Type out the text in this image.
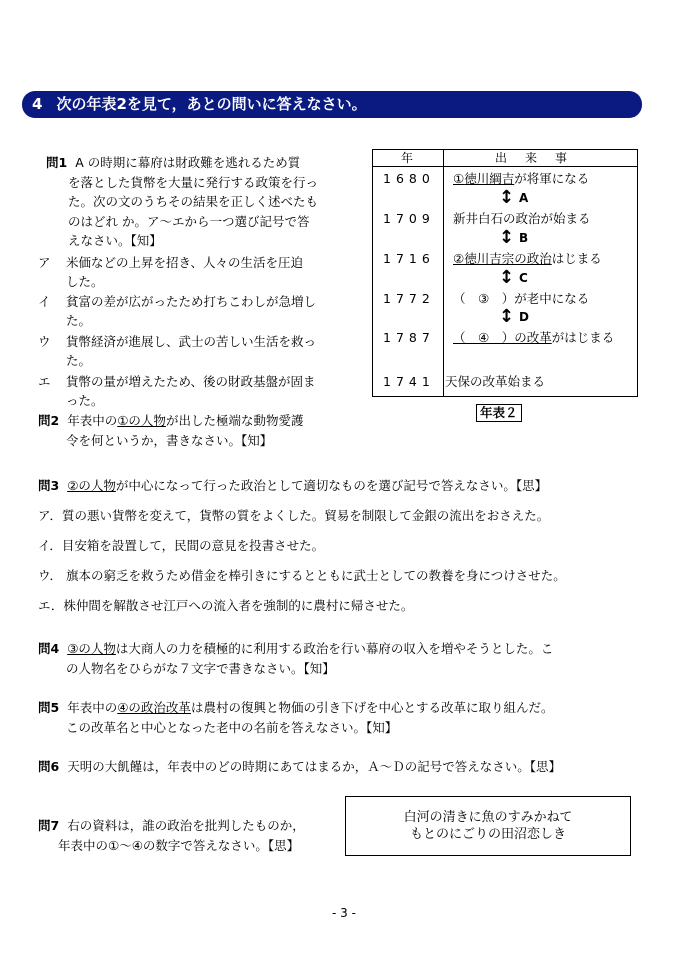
4 次の年表2を見て，あとの問いに答えなさい。
問1 A の時期に幕府は財政難を逃れるため質
を落とした貨幣を大量に発行する政策を行っ
た。次の文のうちその結果を正しく述べたも
のはどれ か。ア～エから一つ選び記号で答
えなさい。【知】
ア 米価などの上昇を招き、人々の生活を圧迫
した。
イ 貧富の差が広がったため打ちこわしが急増し
た。
ウ 貨幣経済が進展し、武士の苦しい生活を救っ
た。
エ 貨幣の量が増えたため、後の財政基盤が固ま
った。
問2 年表中の①の人物が出した極端な動物愛護
令を何というか，書きなさい。【知】
年	出来事
1680	①徳川綱吉が将軍になる
↕ A
1709	新井白石の政治が始まる
↕ B
1716	②徳川吉宗の政治はじまる
↕ C
1772	（　③　）が老中になる
↕ D
1787	（　④　）の改革がはじまる
1741 天保の改革始まる
年表２
問3 ②の人物が中心になって行った政治として適切なものを選び記号で答えなさい。【思】
ア．質の悪い貨幣を変えて，貨幣の質をよくした。貿易を制限して金銀の流出をおさえた。
イ．目安箱を設置して，民間の意見を投書させた。
ウ． 旗本の窮乏を救うため借金を棒引きにするとともに武士としての教養を身につけさせた。
エ．株仲間を解散させ江戸への流入者を強制的に農村に帰させた。
問4 ③の人物は大商人の力を積極的に利用する政治を行い幕府の収入を増やそうとした。こ
の人物名をひらがな７文字で書きなさい。【知】
問5 年表中の④の政治改革は農村の復興と物価の引き下げを中心とする改革に取り組んだ。
この改革名と中心となった老中の名前を答えなさい。【知】
問6 天明の大飢饉は，年表中のどの時期にあてはまるか，Ａ～Ｄの記号で答えなさい。【思】
問7 右の資料は，誰の政治を批判したものか，
年表中の①～④の数字で答えなさい。【思】
白河の清きに魚のすみかねて
もとのにごりの田沼恋しき
- 3 -
